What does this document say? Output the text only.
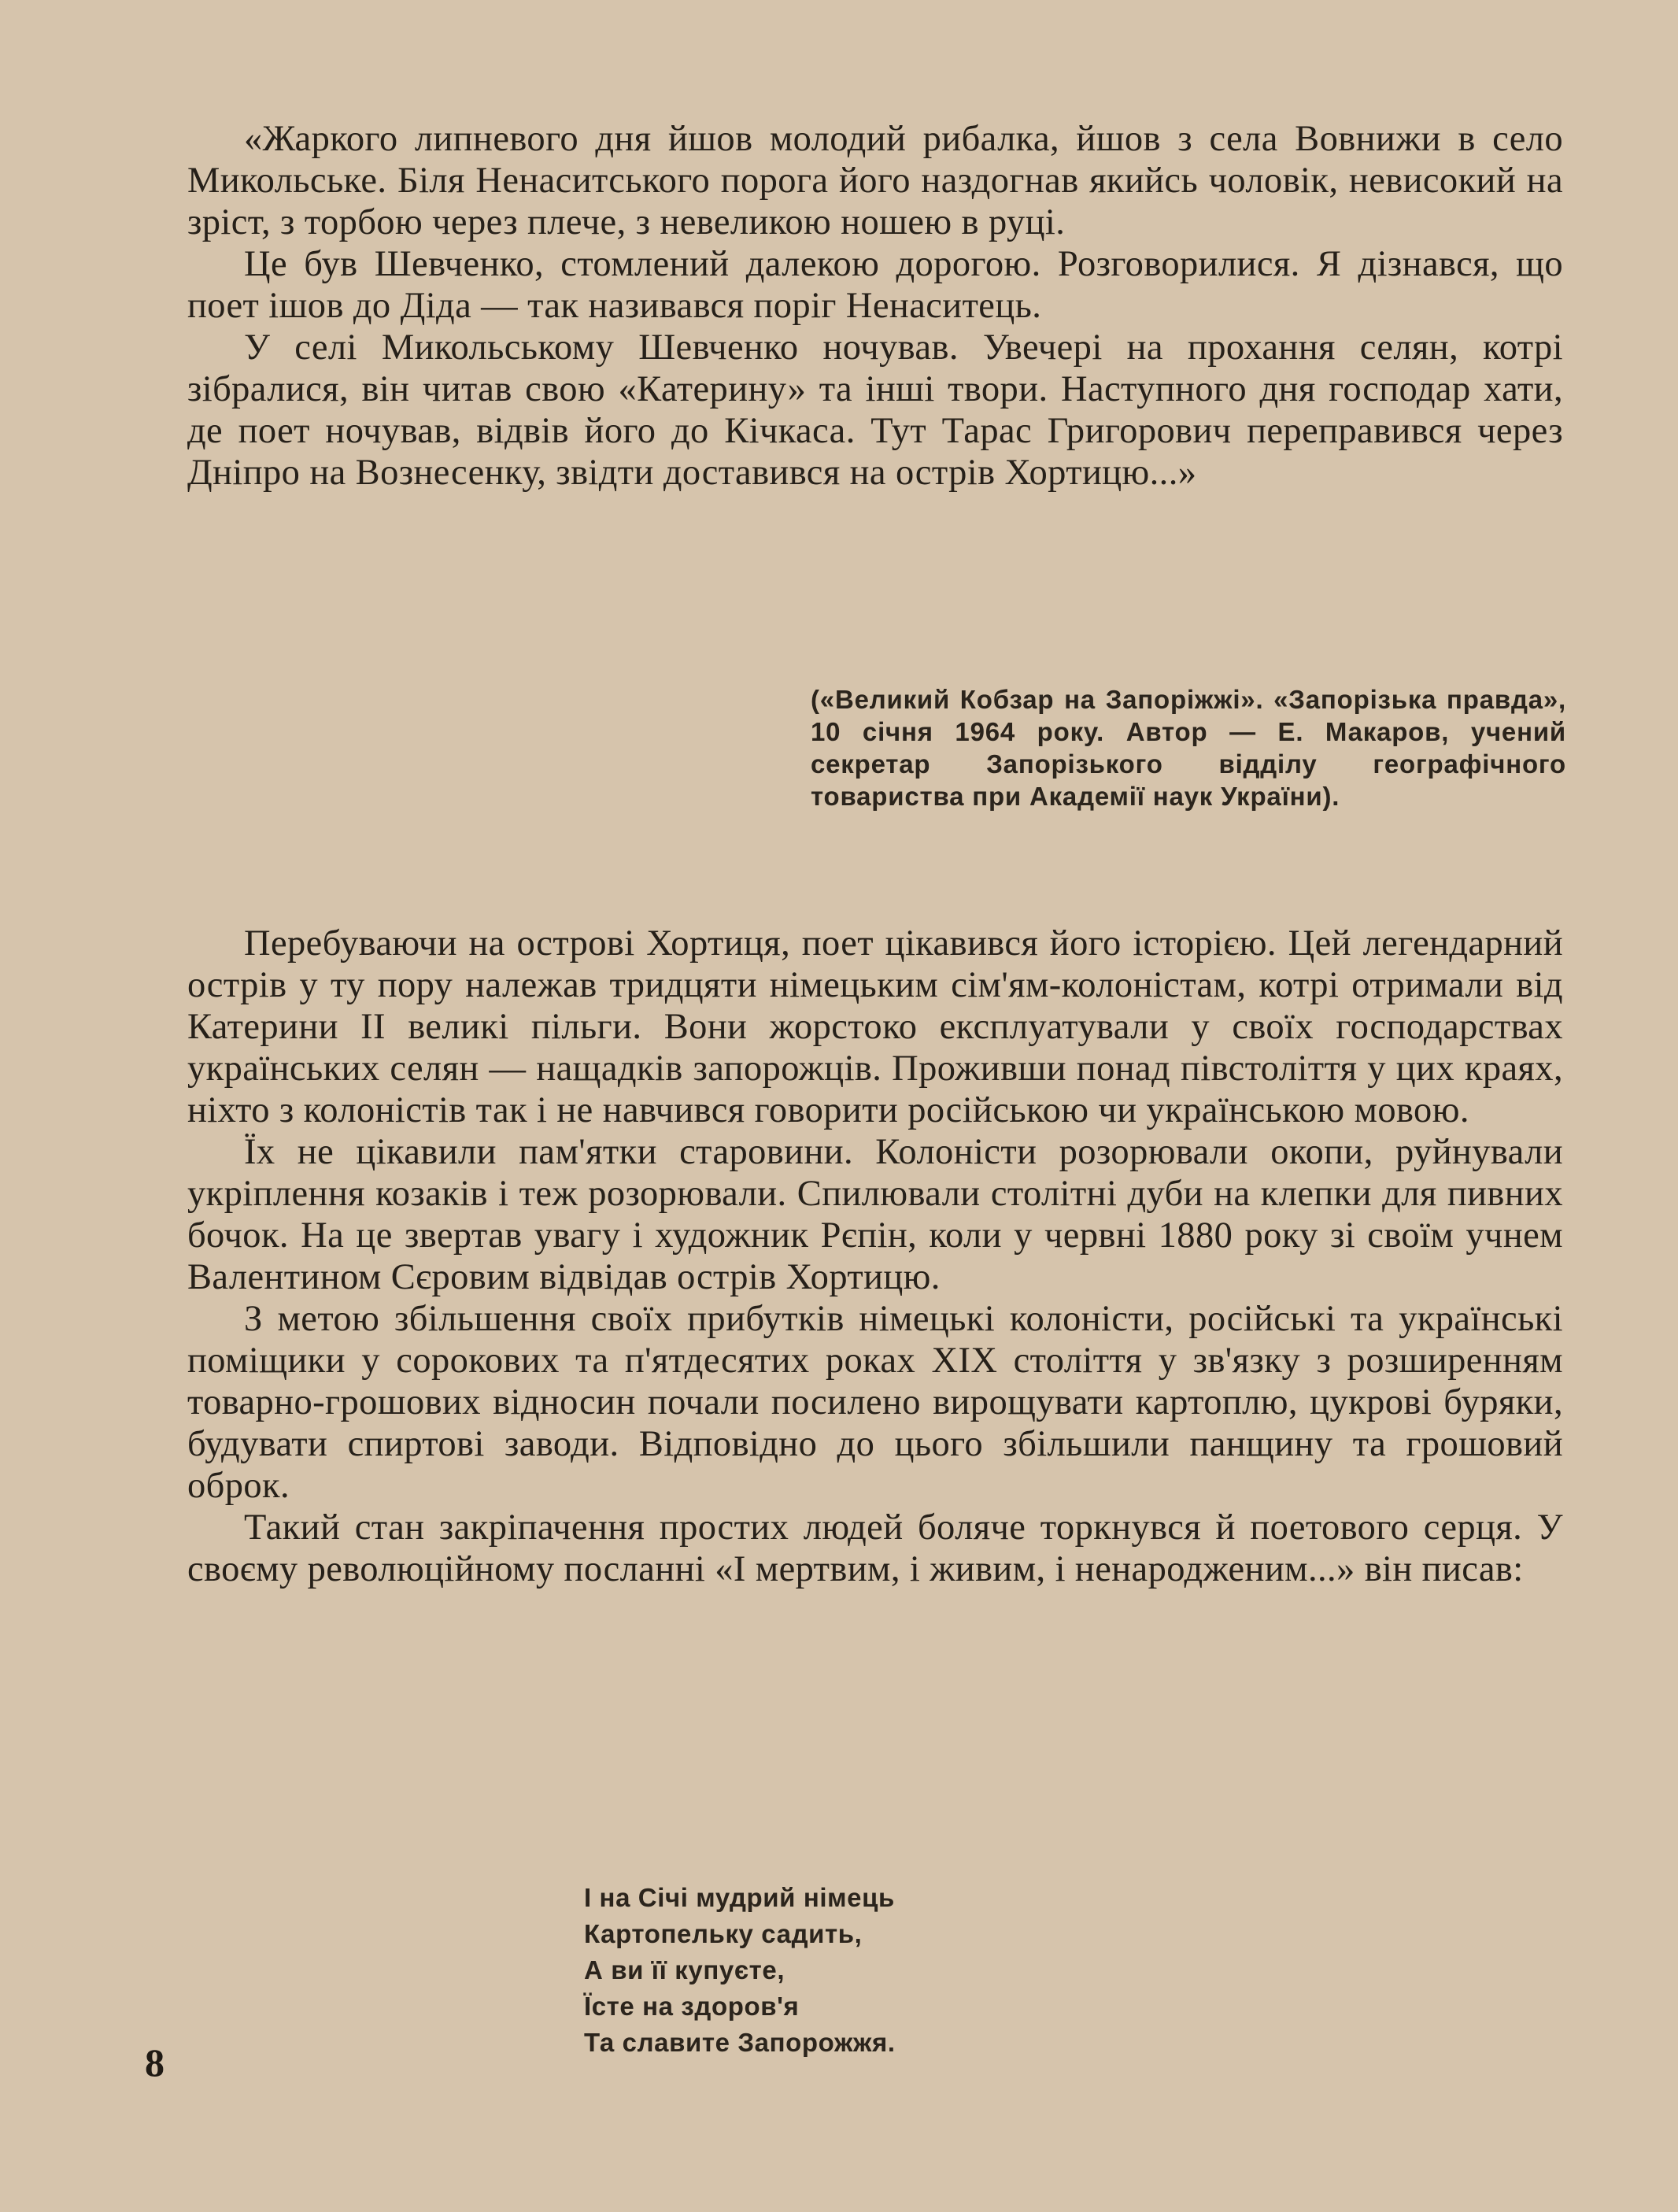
«Жаркого липневого дня йшов молодий рибалка, йшов з села Вовнижи в село Микольське. Біля Ненаситського порога його наздогнав якийсь чоловік, невисокий на зріст, з торбою через плече, з невеликою ношею в руці.

Це був Шевченко, стомлений далекою дорогою. Розговорилися. Я дізнався, що поет ішов до Діда — так називався поріг Ненаситець.

У селі Микольському Шевченко ночував. Увечері на прохання селян, котрі зібралися, він читав свою «Катерину» та інші твори. Наступного дня господар хати, де поет ночував, відвів його до Кічкаса. Тут Тарас Григорович переправився через Дніпро на Вознесенку, звідти доставився на острів Хортицю...»

(«Великий Кобзар на Запоріжжі». «Запорізька правда», 10 січня 1964 року. Автор — Е. Макаров, учений секретар Запорізького відділу географічного товариства при Академії наук України).

Перебуваючи на острові Хортиця, поет цікавився його історією. Цей легендарний острів у ту пору належав тридцяти німецьким сім'ям-колоністам, котрі отримали від Катерини II великі пільги. Вони жорстоко експлуатували у своїх господарствах українських селян — нащадків запорожців. Проживши понад півстоліття у цих краях, ніхто з колоністів так і не навчився говорити російською чи українською мовою.

Їх не цікавили пам'ятки старовини. Колоністи розорювали окопи, руйнували укріплення козаків і теж розорювали. Спилювали столітні дуби на клепки для пивних бочок. На це звертав увагу і художник Рєпін, коли у червні 1880 року зі своїм учнем Валентином Сєровим відвідав острів Хортицю.

З метою збільшення своїх прибутків німецькі колоністи, російські та українські поміщики у сорокових та п'ятдесятих роках XIX століття у зв'язку з розширенням товарно-грошових відносин почали посилено вирощувати картоплю, цукрові буряки, будувати спиртові заводи. Відповідно до цього збільшили панщину та грошовий оброк.

Такий стан закріпачення простих людей боляче торкнувся й поетового серця. У своєму революційному посланні «І мертвим, і живим, і ненародженим...» він писав:

І на Січі мудрий німець
Картопельку садить,
А ви її купуєте,
Їсте на здоров'я
Та славите Запорожжя.
8
